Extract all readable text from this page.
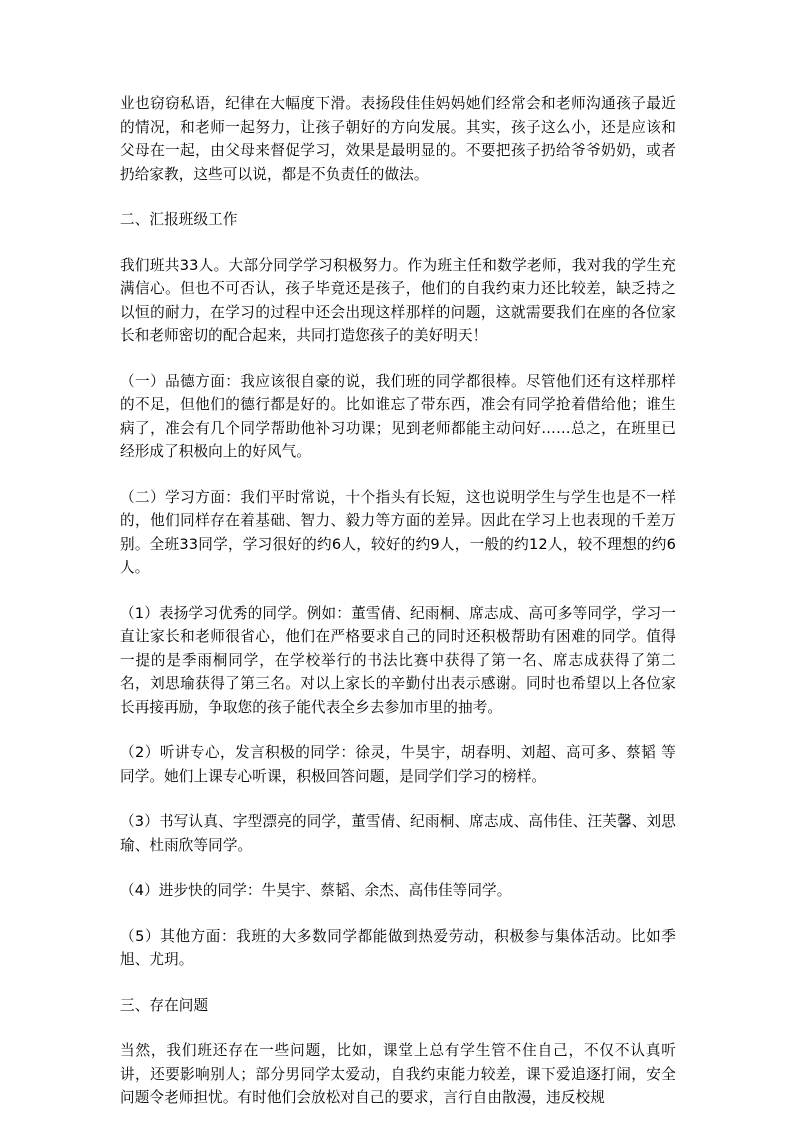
业也窃窃私语，纪律在大幅度下滑。表扬段佳佳妈妈她们经常会和老师沟通孩子最近的情况，和老师一起努力，让孩子朝好的方向发展。其实，孩子这么小，还是应该和父母在一起，由父母来督促学习，效果是最明显的。不要把孩子扔给爷爷奶奶，或者扔给家教，这些可以说，都是不负责任的做法。

二、汇报班级工作

我们班共33人。大部分同学学习积极努力。作为班主任和数学老师，我对我的学生充满信心。但也不可否认，孩子毕竟还是孩子，他们的自我约束力还比较差，缺乏持之以恒的耐力，在学习的过程中还会出现这样那样的问题，这就需要我们在座的各位家长和老师密切的配合起来，共同打造您孩子的美好明天！

（一）品德方面：我应该很自豪的说，我们班的同学都很棒。尽管他们还有这样那样的不足，但他们的德行都是好的。比如谁忘了带东西，准会有同学抢着借给他；谁生病了，准会有几个同学帮助他补习功课；见到老师都能主动问好……总之，在班里已经形成了积极向上的好风气。

（二）学习方面：我们平时常说，十个指头有长短，这也说明学生与学生也是不一样的，他们同样存在着基础、智力、毅力等方面的差异。因此在学习上也表现的千差万别。全班33同学，学习很好的约6人，较好的约9人，一般的约12人，较不理想的约6人。

（1）表扬学习优秀的同学。例如：董雪倩、纪雨桐、席志成、高可多等同学，学习一直让家长和老师很省心，他们在严格要求自己的同时还积极帮助有困难的同学。值得一提的是季雨桐同学，在学校举行的书法比赛中获得了第一名、席志成获得了第二名，刘思瑜获得了第三名。对以上家长的辛勤付出表示感谢。同时也希望以上各位家长再接再励，争取您的孩子能代表全乡去参加市里的抽考。

（2）听讲专心，发言积极的同学：徐灵，牛昊宇，胡春明、刘超、高可多、蔡韬 等同学。她们上课专心听课，积极回答问题，是同学们学习的榜样。

（3）书写认真、字型漂亮的同学，董雪倩、纪雨桐、席志成、高伟佳、汪芙馨、刘思瑜、杜雨欣等同学。

（4）进步快的同学：牛昊宇、蔡韬、余杰、高伟佳等同学。

（5）其他方面：我班的大多数同学都能做到热爱劳动，积极参与集体活动。比如季旭、尤玥。

三、存在问题

当然，我们班还存在一些问题，比如，课堂上总有学生管不住自己，不仅不认真听讲，还要影响别人；部分男同学太爱动，自我约束能力较差，课下爱追逐打闹，安全问题令老师担忧。有时他们会放松对自己的要求，言行自由散漫，违反校规
